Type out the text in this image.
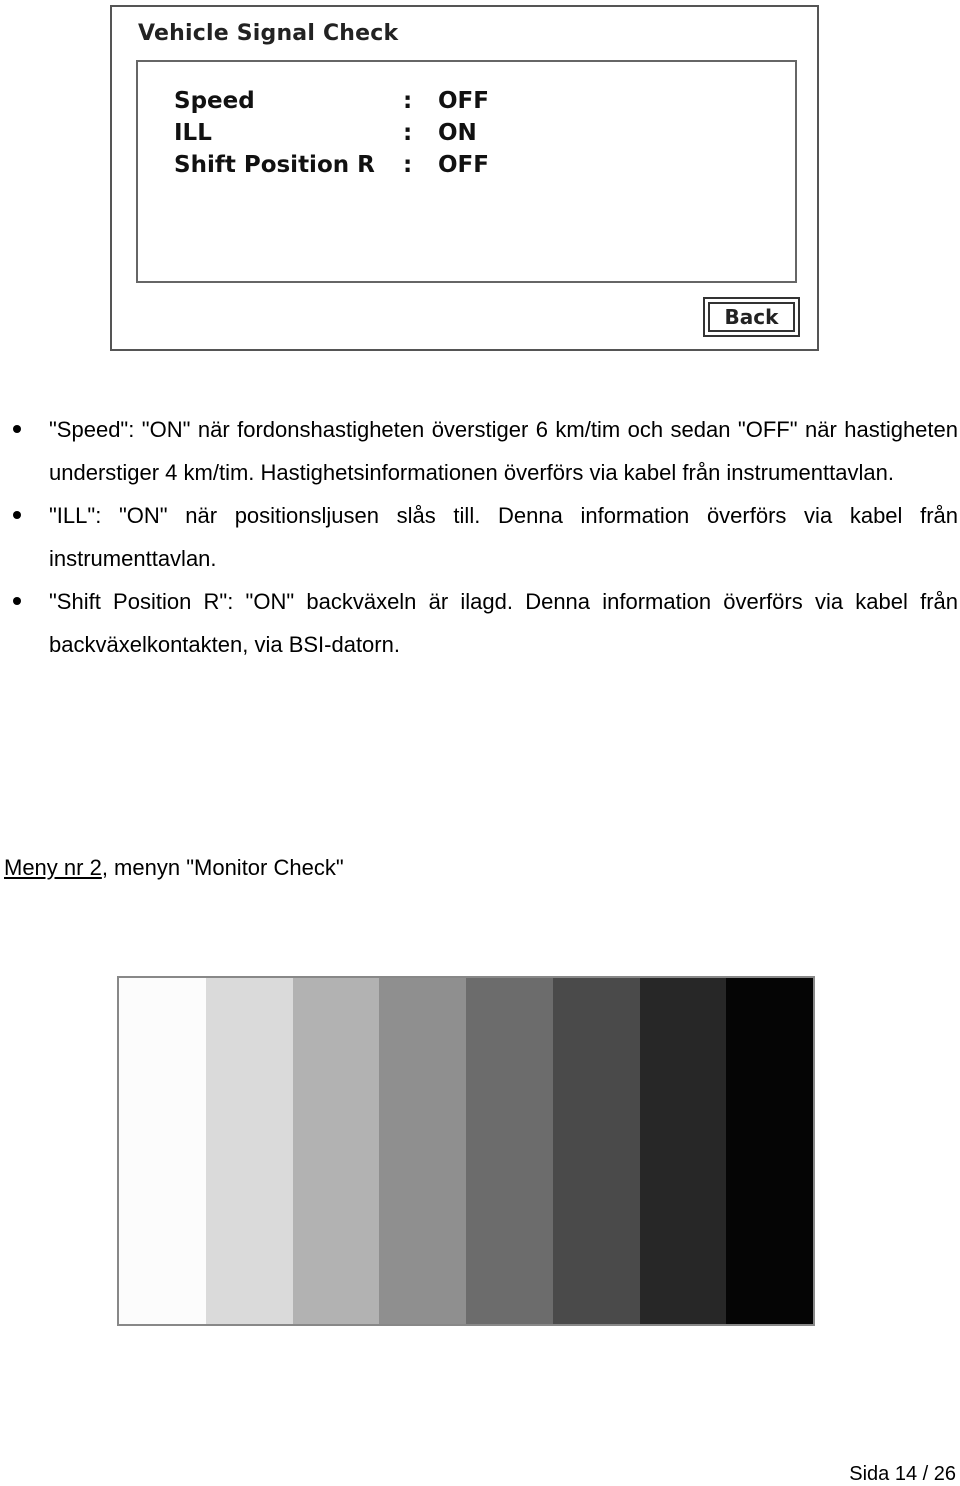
Vehicle Signal Check
Speed	: OFF
ILL	: ON
Shift Position R : OFF
Back
"Speed": "ON" när fordonshastigheten överstiger 6 km/tim och sedan "OFF" när hastigheten understiger 4 km/tim. Hastighetsinformationen överförs via kabel från instrumenttavlan.
"ILL": "ON" när positionsljusen slås till. Denna information överförs via kabel från instrumenttavlan.
"Shift Position R": "ON" backväxeln är ilagd. Denna information överförs via kabel från backväxelkontakten, via BSI-datorn.
Meny nr 2, menyn "Monitor Check"
Sida 14 / 26
